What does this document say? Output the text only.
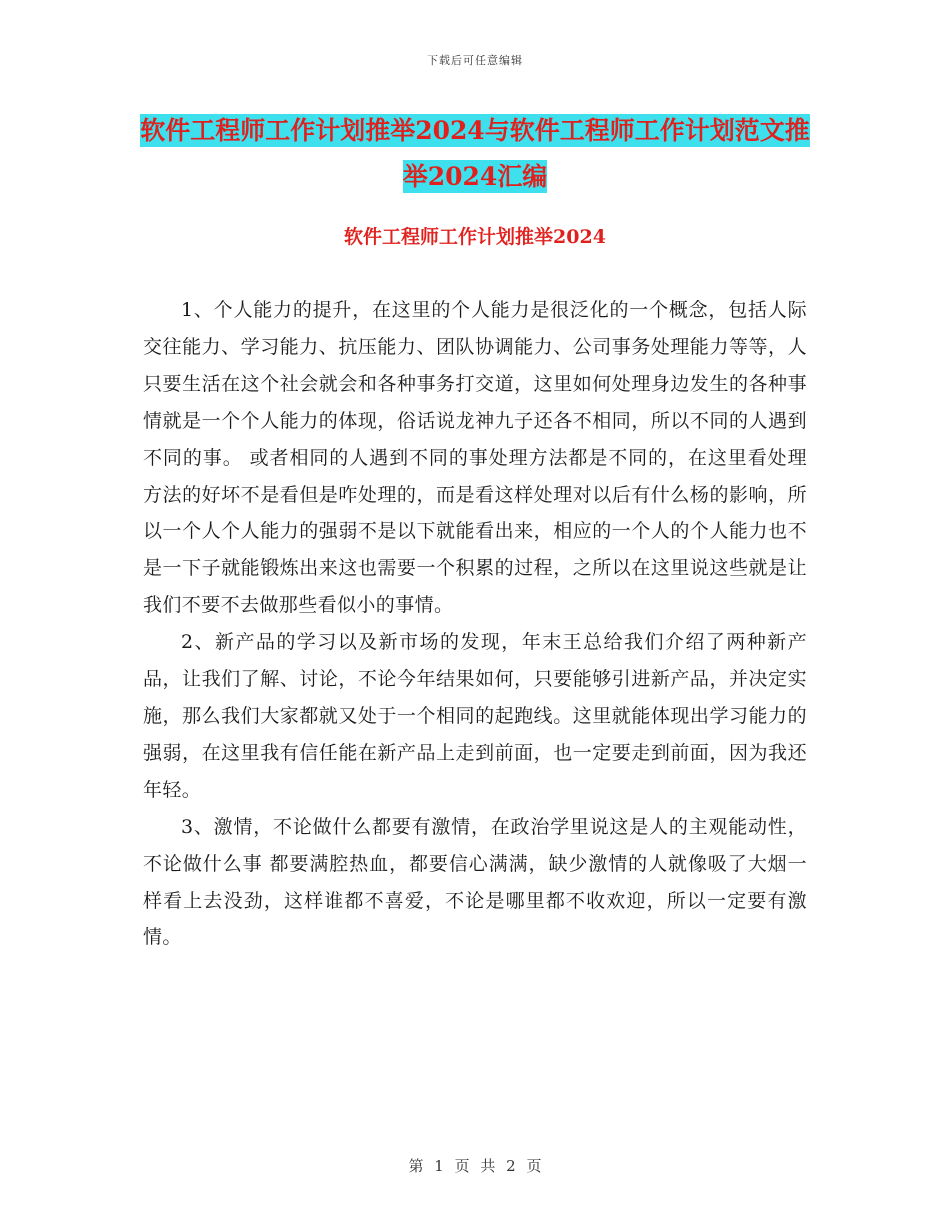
下载后可任意编辑
软件工程师工作计划推举2024与软件工程师工作计划范文推举2024汇编
软件工程师工作计划推举2024

1、个人能力的提升，在这里的个人能力是很泛化的一个概念，包括人际交往能力、学习能力、抗压能力、团队协调能力、公司事务处理能力等等，人只要生活在这个社会就会和各种事务打交道，这里如何处理身边发生的各种事情就是一个个人能力的体现，俗话说龙神九子还各不相同，所以不同的人遇到不同的事。 或者相同的人遇到不同的事处理方法都是不同的，在这里看处理方法的好坏不是看但是咋处理的，而是看这样处理对以后有什么杨的影响，所以一个人个人能力的强弱不是以下就能看出来，相应的一个人的个人能力也不是一下子就能锻炼出来这也需要一个积累的过程，之所以在这里说这些就是让我们不要不去做那些看似小的事情。

2、新产品的学习以及新市场的发现，年末王总给我们介绍了两种新产品，让我们了解、讨论，不论今年结果如何，只要能够引进新产品，并决定实施，那么我们大家都就又处于一个相同的起跑线。这里就能体现出学习能力的强弱，在这里我有信任能在新产品上走到前面，也一定要走到前面，因为我还年轻。

3、激情，不论做什么都要有激情，在政治学里说这是人的主观能动性，不论做什么事 都要满腔热血，都要信心满满，缺少激情的人就像吸了大烟一样看上去没劲，这样谁都不喜爱，不论是哪里都不收欢迎，所以一定要有激情。

第 1 页 共 2 页
